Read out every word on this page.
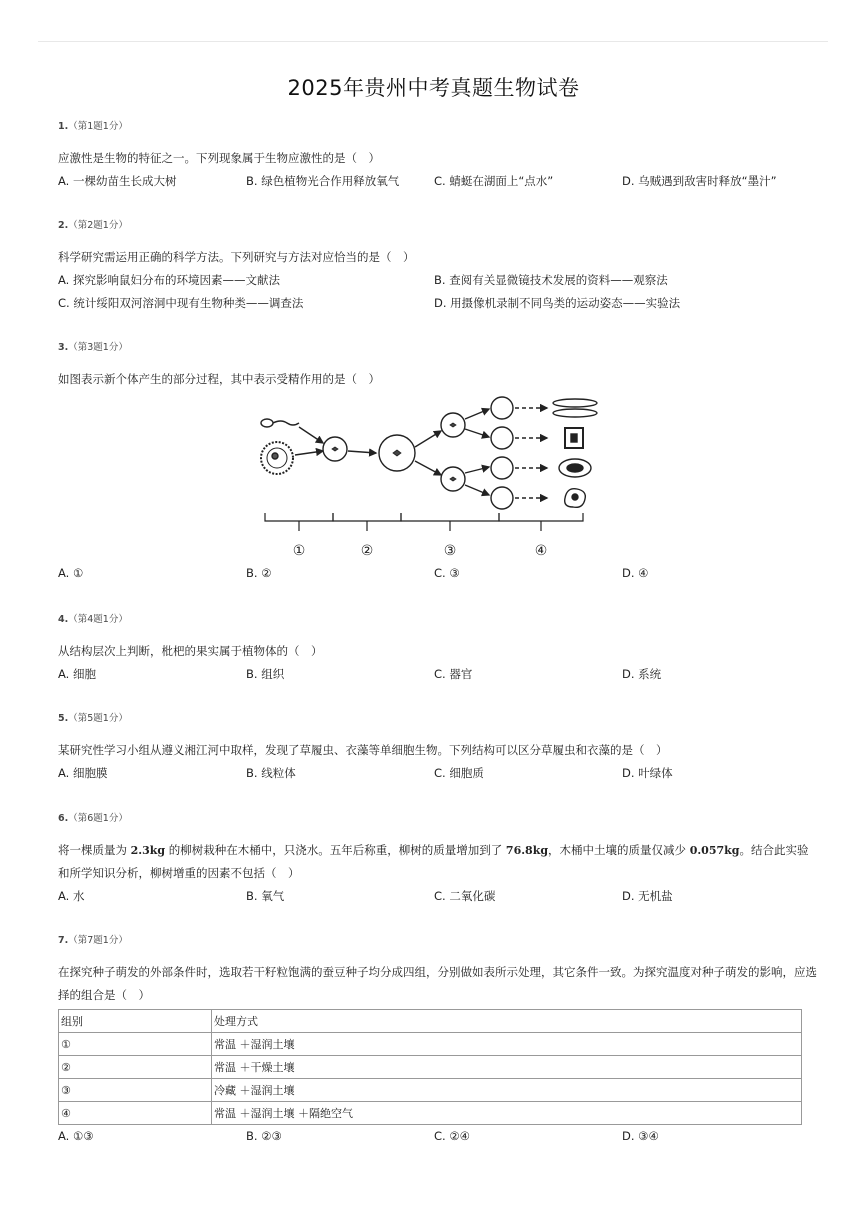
2025年贵州中考真题生物试卷
1.（第1题1分）
应激性是生物的特征之一。下列现象属于生物应激性的是（　）
A. 一棵幼苗生长成大树	B. 绿色植物光合作用释放氧气	C. 蜻蜓在湖面上“点水”	D. 乌贼遇到敌害时释放“墨汁”
2.（第2题1分）
科学研究需运用正确的科学方法。下列研究与方法对应恰当的是（　）
A. 探究影响鼠妇分布的环境因素——文献法	B. 查阅有关显微镜技术发展的资料——观察法
C. 统计绥阳双河溶洞中现有生物种类——调查法	D. 用摄像机录制不同鸟类的运动姿态——实验法
3.（第3题1分）
如图表示新个体产生的部分过程，其中表示受精作用的是（　）
①	②	③	④
A. ①	B. ②	C. ③	D. ④
4.（第4题1分）
从结构层次上判断，枇杷的果实属于植物体的（　）
A. 细胞	B. 组织	C. 器官	D. 系统
5.（第5题1分）
某研究性学习小组从遵义湘江河中取样，发现了草履虫、衣藻等单细胞生物。下列结构可以区分草履虫和衣藻的是（　）
A. 细胞膜	B. 线粒体	C. 细胞质	D. 叶绿体
6.（第6题1分）
将一棵质量为 2.3kg 的柳树栽种在木桶中，只浇水。五年后称重，柳树的质量增加到了 76.8kg，木桶中土壤的质量仅减少 0.057kg。结合此实验和所学知识分析，柳树增重的因素不包括（　）
A. 水	B. 氧气	C. 二氧化碳	D. 无机盐
7.（第7题1分）
在探究种子萌发的外部条件时，选取若干籽粒饱满的蚕豆种子均分成四组，分别做如表所示处理，其它条件一致。为探究温度对种子萌发的影响，应选择的组合是（　）
组别	处理方式
①	常温 ＋湿润土壤
②	常温 ＋干燥土壤
③	冷藏 ＋湿润土壤
④	常温 ＋湿润土壤 ＋隔绝空气
A. ①③	B. ②③	C. ②④	D. ③④
